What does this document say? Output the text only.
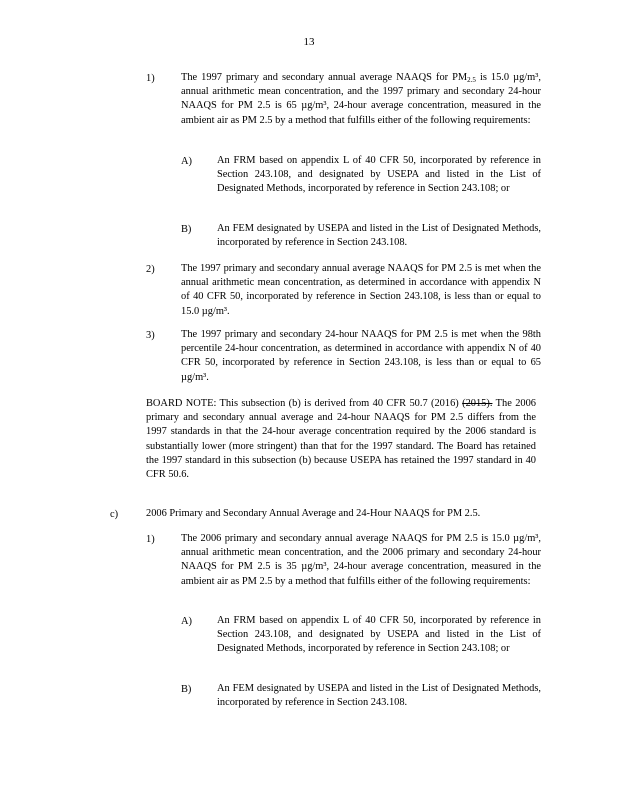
13
1)	The 1997 primary and secondary annual average NAAQS for $PM_{2.5}$ is 15.0 µg/m³, annual arithmetic mean concentration, and the 1997 primary and secondary 24-hour NAAQS for PM 2.5 is 65 µg/m³, 24-hour average concentration, measured in the ambient air as PM 2.5 by a method that fulfills either of the following requirements:
A) An FRM based on appendix L of 40 CFR 50, incorporated by reference in Section 243.108, and designated by USEPA and listed in the List of Designated Methods, incorporated by reference in Section 243.108; or
B) An FEM designated by USEPA and listed in the List of Designated Methods, incorporated by reference in Section 243.108.
2)	The 1997 primary and secondary annual average NAAQS for PM 2.5 is met when the annual arithmetic mean concentration, as determined in accordance with appendix N of 40 CFR 50, incorporated by reference in Section 243.108, is less than or equal to 15.0 µg/m³.
3)	The 1997 primary and secondary 24-hour NAAQS for PM 2.5 is met when the 98th percentile 24-hour concentration, as determined in accordance with appendix N of 40 CFR 50, incorporated by reference in Section 243.108, is less than or equal to 65 µg/m³.
BOARD NOTE: This subsection (b) is derived from 40 CFR 50.7 (2016) (2015). The 2006 primary and secondary annual average and 24-hour NAAQS for PM 2.5 differs from the 1997 standards in that the 24-hour average concentration required by the 2006 standard is substantially lower (more stringent) than that for the 1997 standard. The Board has retained the 1997 standard in this subsection (b) because USEPA has retained the 1997 standard in 40 CFR 50.6.
c)	2006 Primary and Secondary Annual Average and 24-Hour NAAQS for PM 2.5.
1)	The 2006 primary and secondary annual average NAAQS for PM 2.5 is 15.0 µg/m³, annual arithmetic mean concentration, and the 2006 primary and secondary 24-hour NAAQS for PM 2.5 is 35 µg/m³, 24-hour average concentration, measured in the ambient air as PM 2.5 by a method that fulfills either of the following requirements:
A) An FRM based on appendix L of 40 CFR 50, incorporated by reference in Section 243.108, and designated by USEPA and listed in the List of Designated Methods, incorporated by reference in Section 243.108; or
B) An FEM designated by USEPA and listed in the List of Designated Methods, incorporated by reference in Section 243.108.
